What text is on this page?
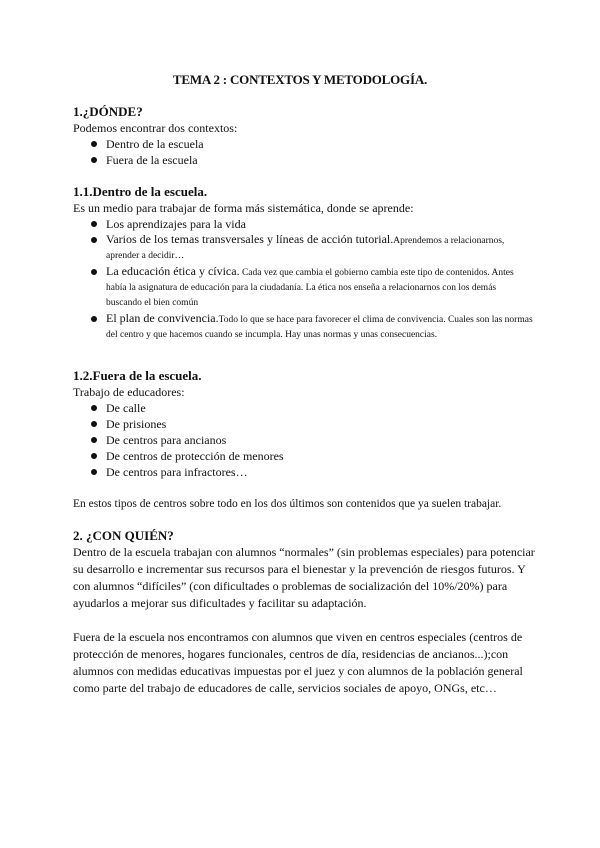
TEMA 2 : CONTEXTOS Y METODOLOGÍA.

1.¿DÓNDE?

Podemos encontrar dos contextos:

Dentro de la escuela
Fuera de la escuela

1.1.Dentro de la escuela.

Es un medio para trabajar de forma más sistemática, donde se aprende:

Los aprendizajes para la vida
Varios de los temas transversales y líneas de acción tutorial.Aprendemos a relacionarnos, aprender a decidir…
La educación ética y cívica. Cada vez que cambia el gobierno cambia este tipo de contenidos. Antes había la asignatura de educación para la ciudadanía. La ética nos enseña a relacionarnos con los demás buscando el bien común
El plan de convivencia.Todo lo que se hace para favorecer el clima de convivencia. Cuales son las normas del centro y que hacemos cuando se incumpla. Hay unas normas y unas consecuencias.

1.2.Fuera de la escuela.

Trabajo de educadores:

De calle
De prisiones
De centros para ancianos
De centros de protección de menores
De centros para infractores…

En estos tipos de centros sobre todo en los dos últimos son contenidos que ya suelen trabajar.

2. ¿CON QUIÉN?

Dentro de la escuela trabajan con alumnos “normales” (sin problemas especiales) para potenciar su desarrollo e incrementar sus recursos para el bienestar y la prevención de riesgos futuros. Y con alumnos “difíciles” (con dificultades o problemas de socialización del 10%/20%) para ayudarlos a mejorar sus dificultades y facilitar su adaptación.

Fuera de la escuela nos encontramos con alumnos que viven en centros especiales (centros de protección de menores, hogares funcionales, centros de día, residencias de ancianos...);con alumnos con medidas educativas impuestas por el juez y con alumnos de la población general como parte del trabajo de educadores de calle, servicios sociales de apoyo, ONGs, etc…
